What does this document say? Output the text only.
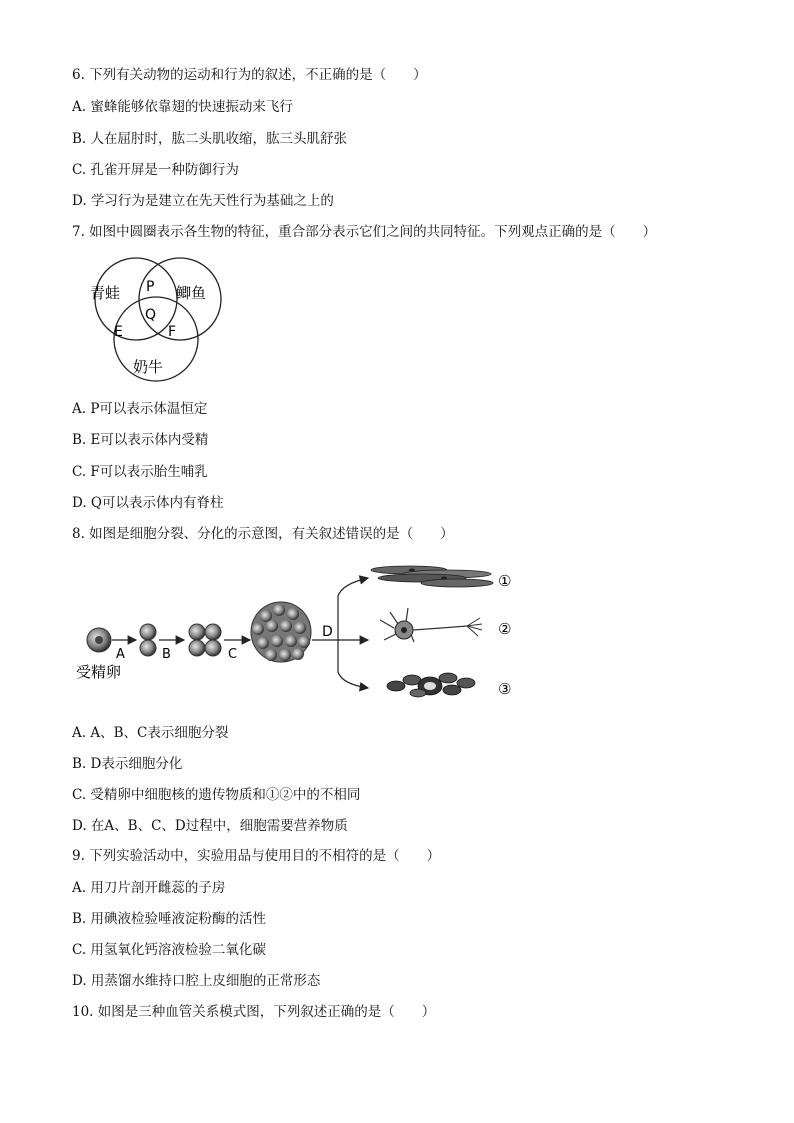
6. 下列有关动物的运动和行为的叙述，不正确的是（　　）
A. 蜜蜂能够依靠翅的快速振动来飞行
B. 人在屈肘时，肱二头肌收缩，肱三头肌舒张
C. 孔雀开屏是一种防御行为
D. 学习行为是建立在先天性行为基础之上的
7. 如图中圆圈表示各生物的特征，重合部分表示它们之间的共同特征。下列观点正确的是（　　）
青蛙	鲫鱼
奶牛
P
Q
E	F
A. P可以表示体温恒定
B. E可以表示体内受精
C. F可以表示胎生哺乳
D. Q可以表示体内有脊柱
8. 如图是细胞分裂、分化的示意图，有关叙述错误的是（　　）
受精卵
A	B	C
D
①
②
③
A. A、B、C表示细胞分裂
B. D表示细胞分化
C. 受精卵中细胞核的遗传物质和①②中的不相同
D. 在A、B、C、D过程中，细胞需要营养物质
9. 下列实验活动中，实验用品与使用目的不相符的是（　　）
A. 用刀片剖开雌蕊的子房
B. 用碘液检验唾液淀粉酶的活性
C. 用氢氧化钙溶液检验二氧化碳
D. 用蒸馏水维持口腔上皮细胞的正常形态
10. 如图是三种血管关系模式图，下列叙述正确的是（　　）
